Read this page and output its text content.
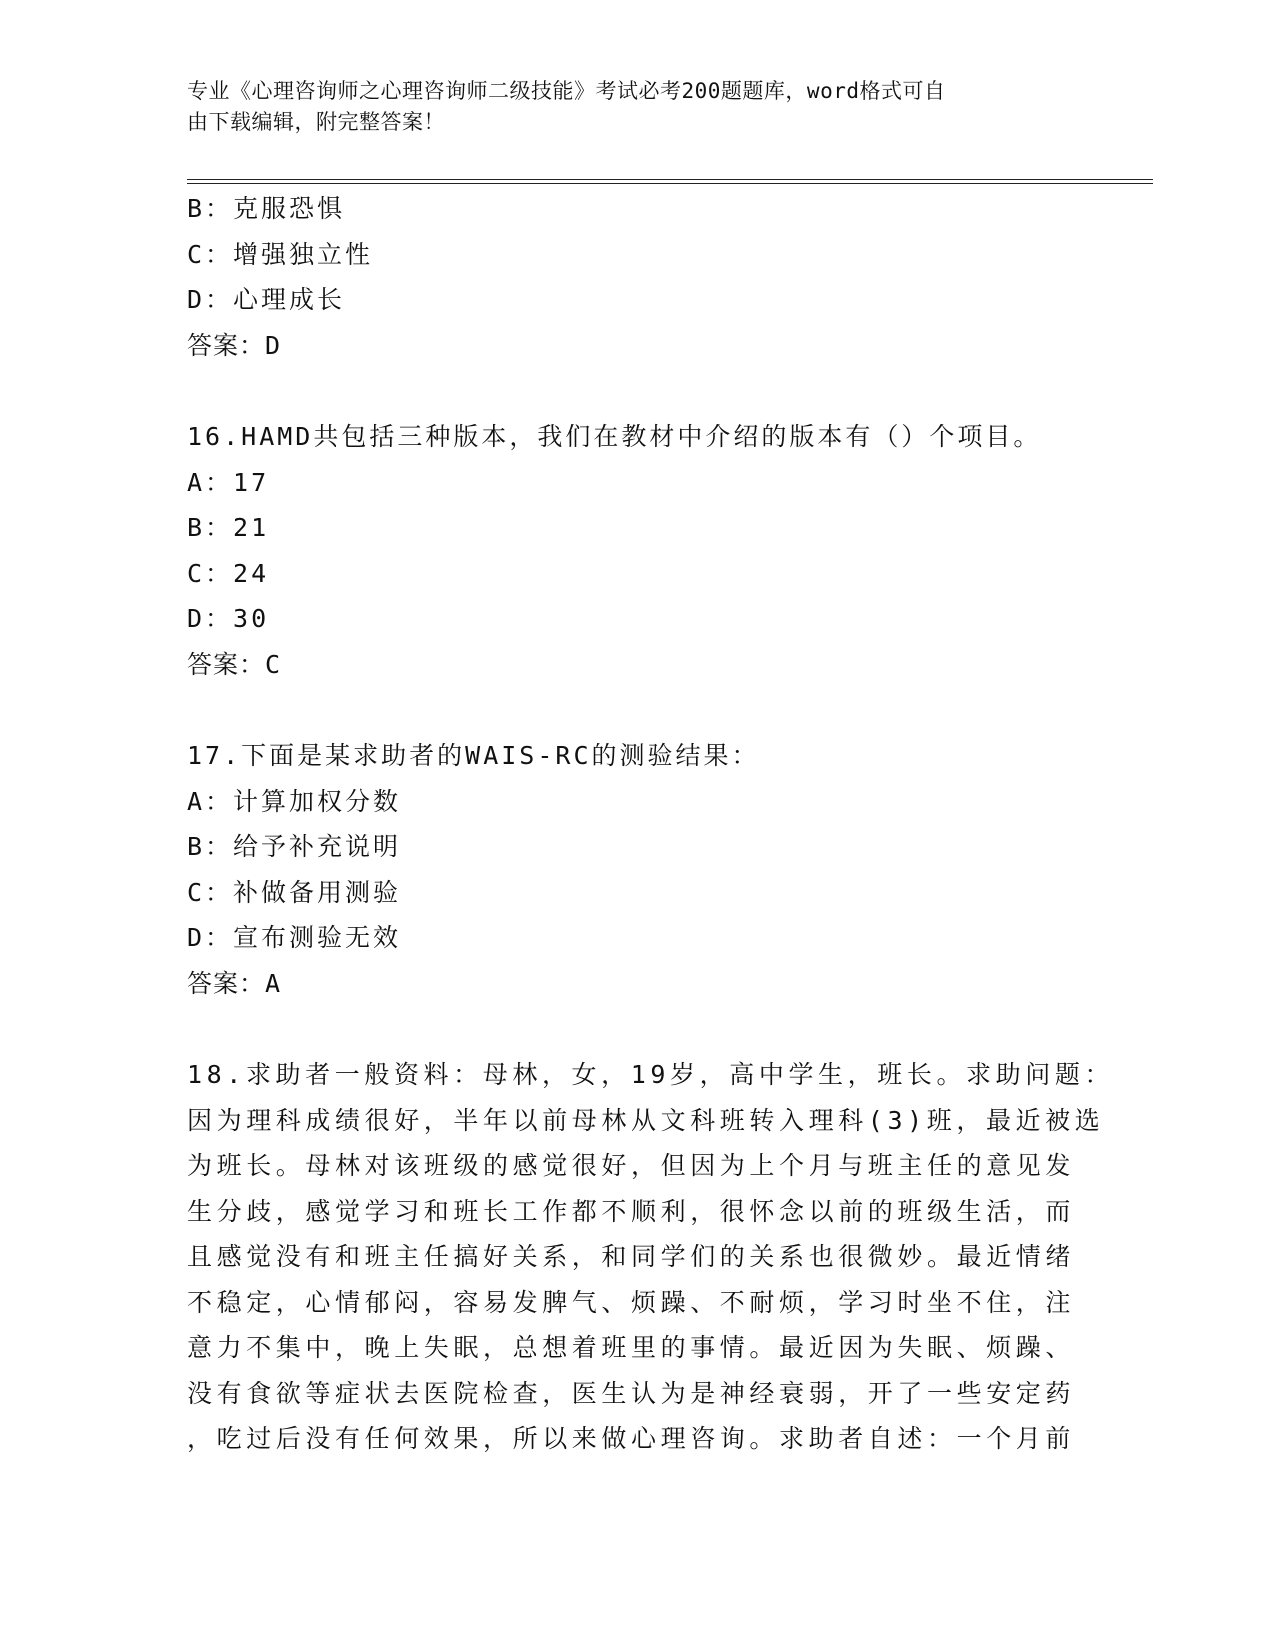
专业《心理咨询师之心理咨询师二级技能》考试必考200题题库，word格式可自
由下载编辑，附完整答案！
B：克服恐惧
C：增强独立性
D：心理成长
答案：D
16.HAMD共包括三种版本，我们在教材中介绍的版本有（）个项目。
A：17
B：21
C：24
D：30
答案：C
17.下面是某求助者的WAIS-RC的测验结果：
A：计算加权分数
B：给予补充说明
C：补做备用测验
D：宣布测验无效
答案：A
18.求助者一般资料：母林，女，19岁，高中学生，班长。求助问题：
因为理科成绩很好，半年以前母林从文科班转入理科(3)班，最近被选
为班长。母林对该班级的感觉很好，但因为上个月与班主任的意见发
生分歧，感觉学习和班长工作都不顺利，很怀念以前的班级生活，而
且感觉没有和班主任搞好关系，和同学们的关系也很微妙。最近情绪
不稳定，心情郁闷，容易发脾气、烦躁、不耐烦，学习时坐不住，注
意力不集中，晚上失眠，总想着班里的事情。最近因为失眠、烦躁、
没有食欲等症状去医院检查，医生认为是神经衰弱，开了一些安定药
，吃过后没有任何效果，所以来做心理咨询。求助者自述：一个月前
